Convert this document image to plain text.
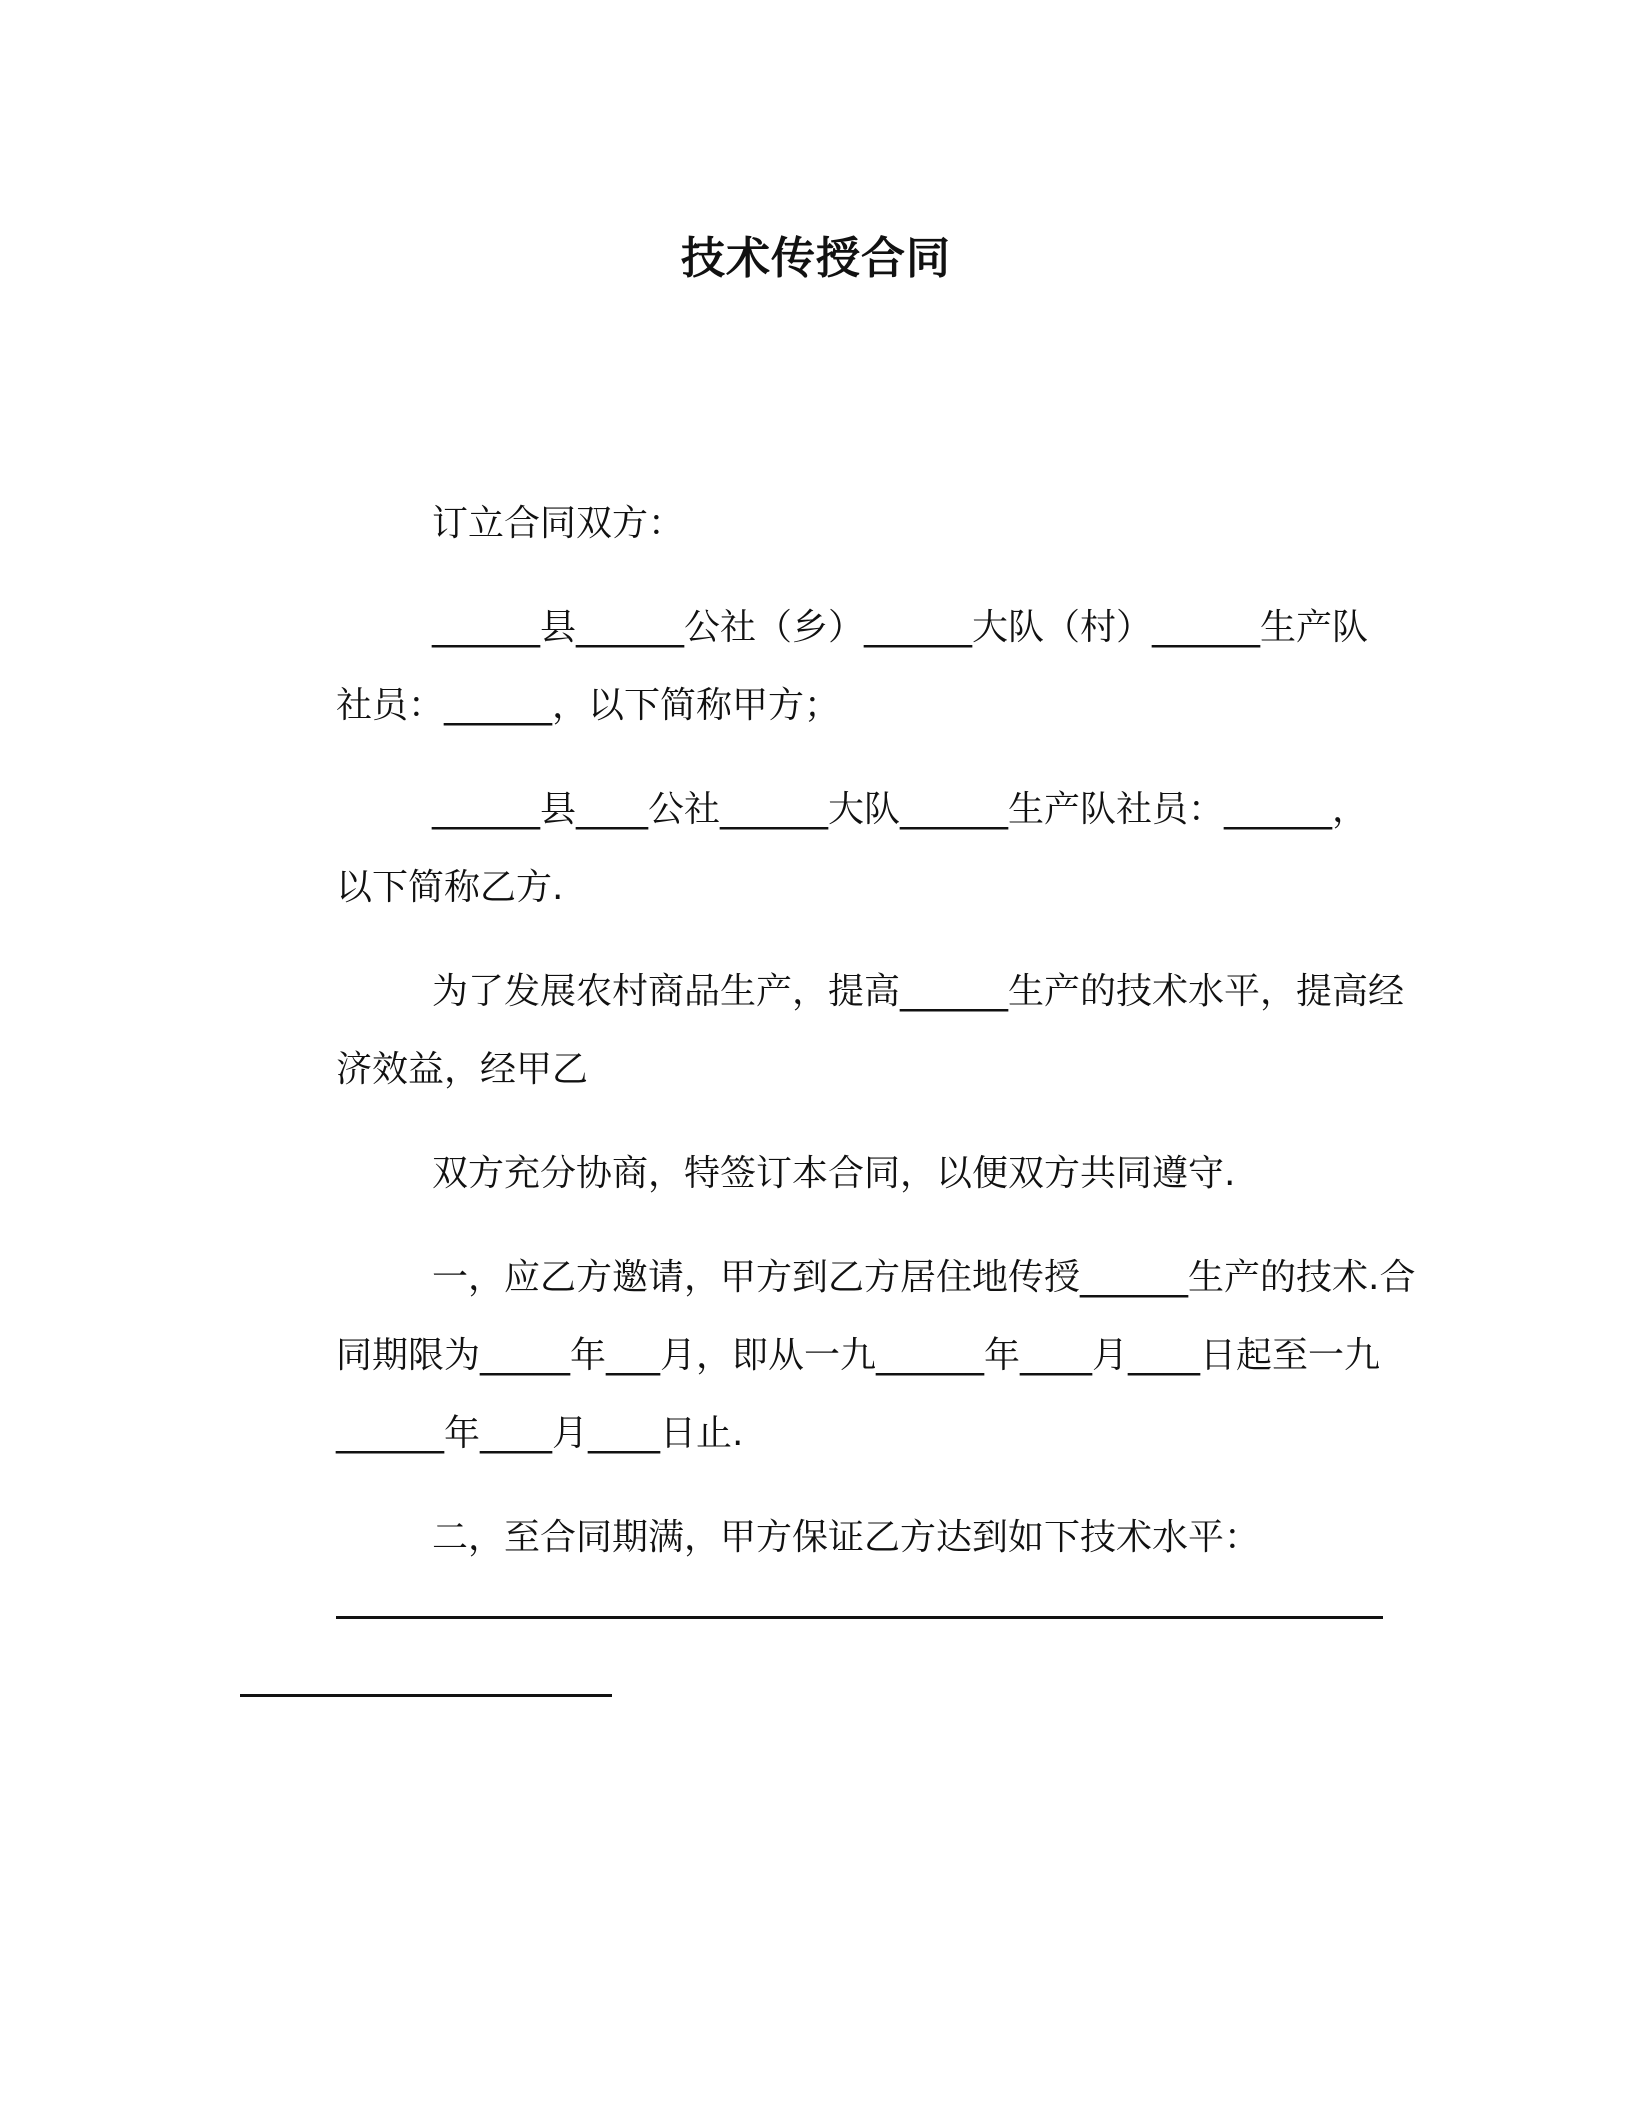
技术传授合同

订立合同双方：

______县______公社（乡）______大队（村）______生产队
社员：______，以下简称甲方；

______县____公社______大队______生产队社员：______，
以下简称乙方.

为了发展农村商品生产，提高______生产的技术水平，提高经
济效益，经甲乙

双方充分协商，特签订本合同，以便双方共同遵守.

一，应乙方邀请，甲方到乙方居住地传授______生产的技术.合
同期限为_____年___月，即从一九______年____月____日起至一九
______年____月____日止.

二，至合同期满，甲方保证乙方达到如下技术水平：
